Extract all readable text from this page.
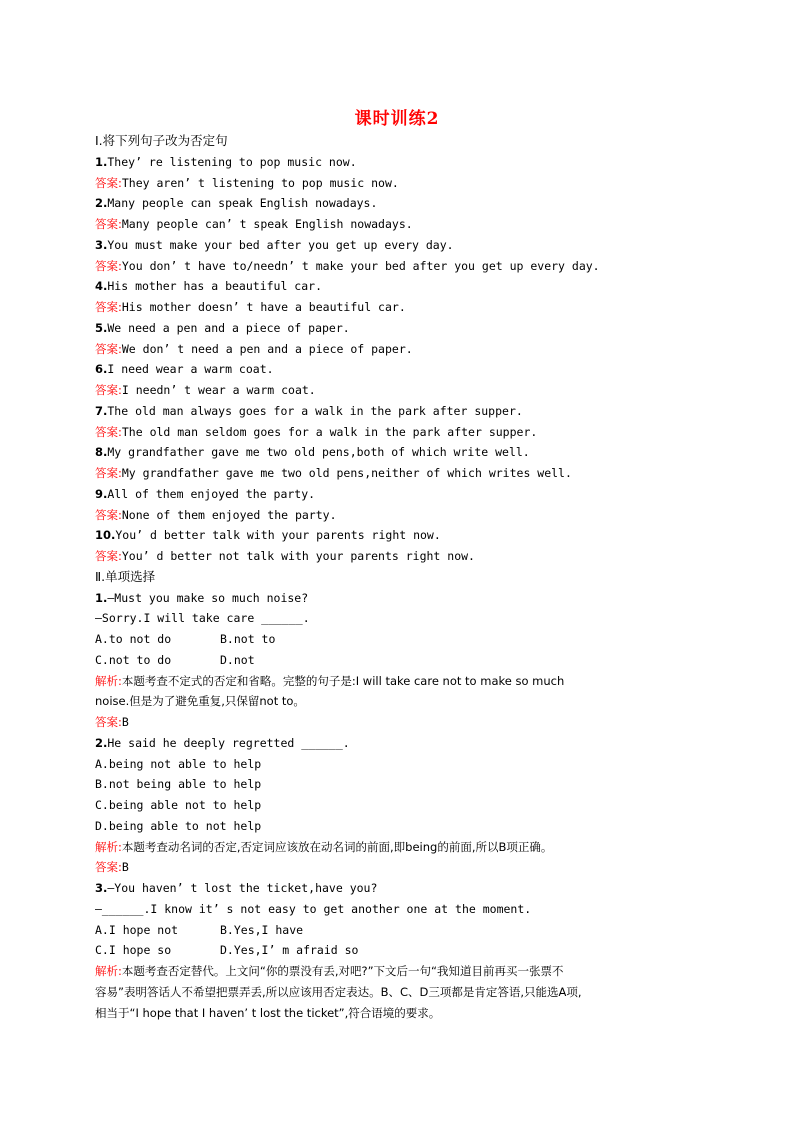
课时训练2
Ⅰ.将下列句子改为否定句
1.They’ re listening to pop music now.
答案:They aren’ t listening to pop music now.
2.Many people can speak English nowadays.
答案:Many people can’ t speak English nowadays.
3.You must make your bed after you get up every day.
答案:You don’ t have to/needn’ t make your bed after you get up every day.
4.His mother has a beautiful car.
答案:His mother doesn’ t have a beautiful car.
5.We need a pen and a piece of paper.
答案:We don’ t need a pen and a piece of paper.
6.I need wear a warm coat.
答案:I needn’ t wear a warm coat.
7.The old man always goes for a walk in the park after supper.
答案:The old man seldom goes for a walk in the park after supper.
8.My grandfather gave me two old pens,both of which write well.
答案:My grandfather gave me two old pens,neither of which writes well.
9.All of them enjoyed the party.
答案:None of them enjoyed the party.
10.You’ d better talk with your parents right now.
答案:You’ d better not talk with your parents right now.
Ⅱ.单项选择
1.—Must you make so much noise?
—Sorry.I will take care ______.
A.to not do	B.not to
C.not to do	D.not
解析:本题考查不定式的否定和省略。完整的句子是:I will take care not to make so much
noise.但是为了避免重复,只保留not to。
答案:B
2.He said he deeply regretted ______.
A.being not able to help
B.not being able to help
C.being able not to help
D.being able to not help
解析:本题考查动名词的否定,否定词应该放在动名词的前面,即being的前面,所以B项正确。
答案:B
3.—You haven’ t lost the ticket,have you?
—______.I know it’ s not easy to get another one at the moment.
A.I hope not	B.Yes,I have
C.I hope so	D.Yes,I’ m afraid so
解析:本题考查否定替代。上文问“你的票没有丢,对吧?”下文后一句“我知道目前再买一张票不
容易”表明答话人不希望把票弄丢,所以应该用否定表达。B、C、D三项都是肯定答语,只能选A项,
相当于“I hope that I haven’ t lost the ticket”,符合语境的要求。
